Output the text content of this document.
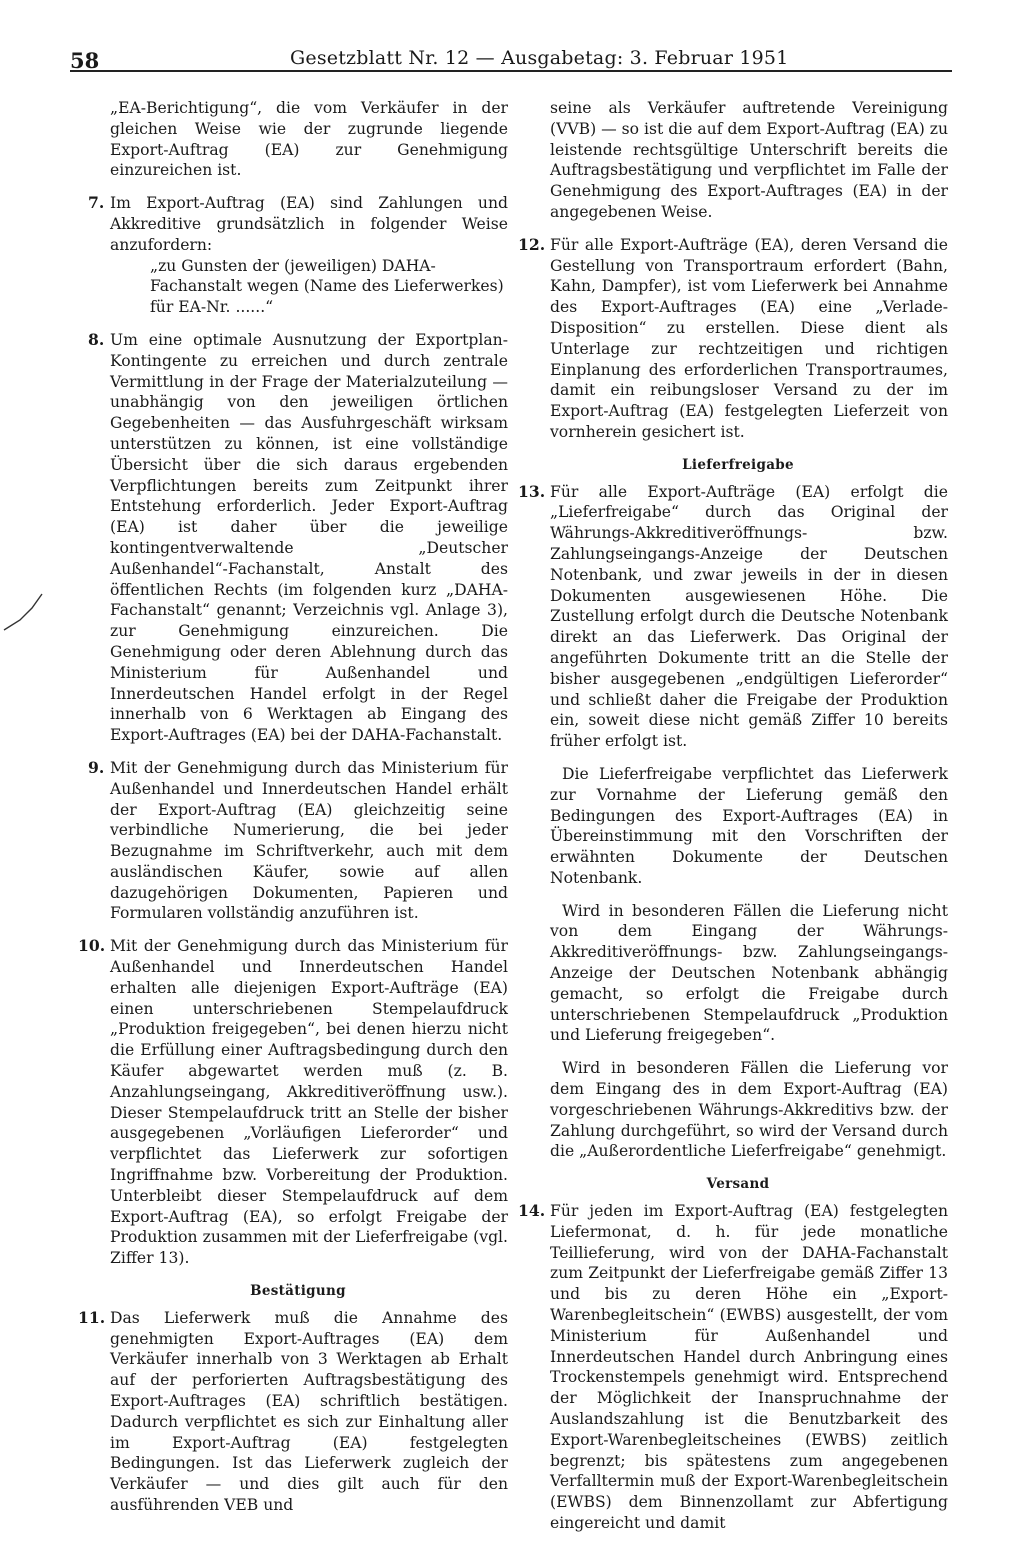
58	Gesetzblatt Nr. 12 — Ausgabetag: 3. Februar 1951

„EA-Berichtigung“, die vom Verkäufer in der gleichen Weise wie der zugrunde liegende Export-Auftrag (EA) zur Genehmigung einzureichen ist.

7. Im Export-Auftrag (EA) sind Zahlungen und Akkreditive grundsätzlich in folgender Weise anzufordern:
„zu Gunsten der (jeweiligen) DAHA-Fachanstalt wegen (Name des Lieferwerkes) für EA-Nr. ......“
8. Um eine optimale Ausnutzung der Exportplan-Kontingente zu erreichen und durch zentrale Vermittlung in der Frage der Materialzuteilung — unabhängig von den jeweiligen örtlichen Gegebenheiten — das Ausfuhrgeschäft wirksam unterstützen zu können, ist eine vollständige Übersicht über die sich daraus ergebenden Verpflichtungen bereits zum Zeitpunkt ihrer Entstehung erforderlich. Jeder Export-Auftrag (EA) ist daher über die jeweilige kontingentverwaltende „Deutscher Außenhandel“-Fachanstalt, Anstalt des öffentlichen Rechts (im folgenden kurz „DAHA-Fachanstalt“ genannt; Verzeichnis vgl. Anlage 3), zur Genehmigung einzureichen. Die Genehmigung oder deren Ablehnung durch das Ministerium für Außenhandel und Innerdeutschen Handel erfolgt in der Regel innerhalb von 6 Werktagen ab Eingang des Export-Auftrages (EA) bei der DAHA-Fachanstalt.
9. Mit der Genehmigung durch das Ministerium für Außenhandel und Innerdeutschen Handel erhält der Export-Auftrag (EA) gleichzeitig seine verbindliche Numerierung, die bei jeder Bezugnahme im Schriftverkehr, auch mit dem ausländischen Käufer, sowie auf allen dazugehörigen Dokumenten, Papieren und Formularen vollständig anzuführen ist.
10. Mit der Genehmigung durch das Ministerium für Außenhandel und Innerdeutschen Handel erhalten alle diejenigen Export-Aufträge (EA) einen unterschriebenen Stempelaufdruck „Produktion freigegeben“, bei denen hierzu nicht die Erfüllung einer Auftragsbedingung durch den Käufer abgewartet werden muß (z. B. Anzahlungseingang, Akkreditiveröffnung usw.). Dieser Stempelaufdruck tritt an Stelle der bisher ausgegebenen „Vorläufigen Lieferorder“ und verpflichtet das Lieferwerk zur sofortigen Ingriffnahme bzw. Vorbereitung der Produktion. Unterbleibt dieser Stempelaufdruck auf dem Export-Auftrag (EA), so erfolgt Freigabe der Produktion zusammen mit der Lieferfreigabe (vgl. Ziffer 13).
Bestätigung
11. Das Lieferwerk muß die Annahme des genehmigten Export-Auftrages (EA) dem Verkäufer innerhalb von 3 Werktagen ab Erhalt auf der perforierten Auftragsbestätigung des Export-Auftrages (EA) schriftlich bestätigen. Dadurch verpflichtet es sich zur Einhaltung aller im Export-Auftrag (EA) festgelegten Bedingungen. Ist das Lieferwerk zugleich der Verkäufer — und dies gilt auch für den ausführenden VEB und

seine als Verkäufer auftretende Vereinigung (VVB) — so ist die auf dem Export-Auftrag (EA) zu leistende rechtsgültige Unterschrift bereits die Auftragsbestätigung und verpflichtet im Falle der Genehmigung des Export-Auftrages (EA) in der angegebenen Weise.

12. Für alle Export-Aufträge (EA), deren Versand die Gestellung von Transportraum erfordert (Bahn, Kahn, Dampfer), ist vom Lieferwerk bei Annahme des Export-Auftrages (EA) eine „Verlade-Disposition“ zu erstellen. Diese dient als Unterlage zur rechtzeitigen und richtigen Einplanung des erforderlichen Transportraumes, damit ein reibungsloser Versand zu der im Export-Auftrag (EA) festgelegten Lieferzeit von vornherein gesichert ist.
Lieferfreigabe
13. Für alle Export-Aufträge (EA) erfolgt die „Lieferfreigabe“ durch das Original der Währungs-Akkreditiveröffnungs- bzw. Zahlungseingangs-Anzeige der Deutschen Notenbank, und zwar jeweils in der in diesen Dokumenten ausgewiesenen Höhe. Die Zustellung erfolgt durch die Deutsche Notenbank direkt an das Lieferwerk. Das Original der angeführten Dokumente tritt an die Stelle der bisher ausgegebenen „endgültigen Lieferorder“ und schließt daher die Freigabe der Produktion ein, soweit diese nicht gemäß Ziffer 10 bereits früher erfolgt ist.

Die Lieferfreigabe verpflichtet das Lieferwerk zur Vornahme der Lieferung gemäß den Bedingungen des Export-Auftrages (EA) in Übereinstimmung mit den Vorschriften der erwähnten Dokumente der Deutschen Notenbank.

Wird in besonderen Fällen die Lieferung nicht von dem Eingang der Währungs-Akkreditiveröffnungs- bzw. Zahlungseingangs-Anzeige der Deutschen Notenbank abhängig gemacht, so erfolgt die Freigabe durch unterschriebenen Stempelaufdruck „Produktion und Lieferung freigegeben“.

Wird in besonderen Fällen die Lieferung vor dem Eingang des in dem Export-Auftrag (EA) vorgeschriebenen Währungs-Akkreditivs bzw. der Zahlung durchgeführt, so wird der Versand durch die „Außerordentliche Lieferfreigabe“ genehmigt.

Versand
14. Für jeden im Export-Auftrag (EA) festgelegten Liefermonat, d. h. für jede monatliche Teillieferung, wird von der DAHA-Fachanstalt zum Zeitpunkt der Lieferfreigabe gemäß Ziffer 13 und bis zu deren Höhe ein „Export-Warenbegleitschein“ (EWBS) ausgestellt, der vom Ministerium für Außenhandel und Innerdeutschen Handel durch Anbringung eines Trockenstempels genehmigt wird. Entsprechend der Möglichkeit der Inanspruchnahme der Auslandszahlung ist die Benutzbarkeit des Export-Warenbegleitscheines (EWBS) zeitlich begrenzt; bis spätestens zum angegebenen Verfalltermin muß der Export-Warenbegleitschein (EWBS) dem Binnenzollamt zur Abfertigung eingereicht und damit
